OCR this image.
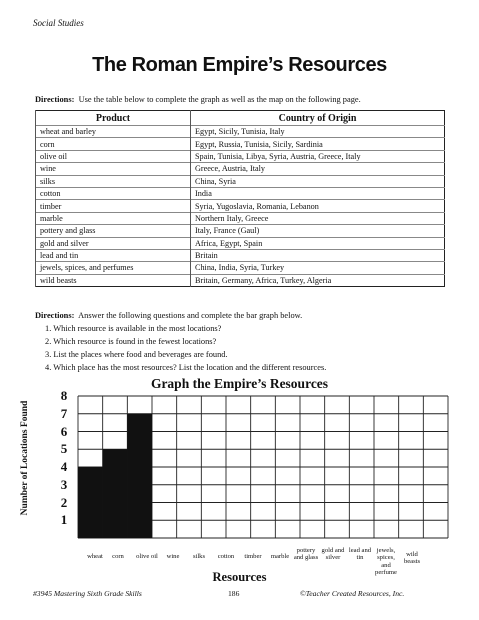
Social Studies
The Roman Empire’s Resources
Directions: Use the table below to complete the graph as well as the map on the following page.
Product	Country of Origin
wheat and barley	Egypt, Sicily, Tunisia, Italy
corn	Egypt, Russia, Tunisia, Sicily, Sardinia
olive oil	Spain, Tunisia, Libya, Syria, Austria, Greece, Italy
wine	Greece, Austria, Italy
silks	China, Syria
cotton	India
timber	Syria, Yugoslavia, Romania, Lebanon
marble	Northern Italy, Greece
pottery and glass	Italy, France (Gaul)
gold and silver	Africa, Egypt, Spain
lead and tin	Britain
jewels, spices, and perfumes	China, India, Syria, Turkey
wild beasts	Britain, Germany, Africa, Turkey, Algeria
Directions: Answer the following questions and complete the bar graph below.
1. Which resource is available in the most locations?
2. Which resource is found in the fewest locations?
3. List the places where food and beverages are found.
4. Which place has the most resources? List the location and the different resources.
Graph the Empire’s Resources
Number of Locations Found
1
2
3
4
5
6
7
8
wheat	corn	olive oil	wine	silks	cotton	timber	marble
pottery and glass
gold and silver
lead and tin
jewels, spices, and perfume
wild beasts
Resources
#3945 Mastering Sixth Grade Skills	186	©Teacher Created Resources, Inc.
